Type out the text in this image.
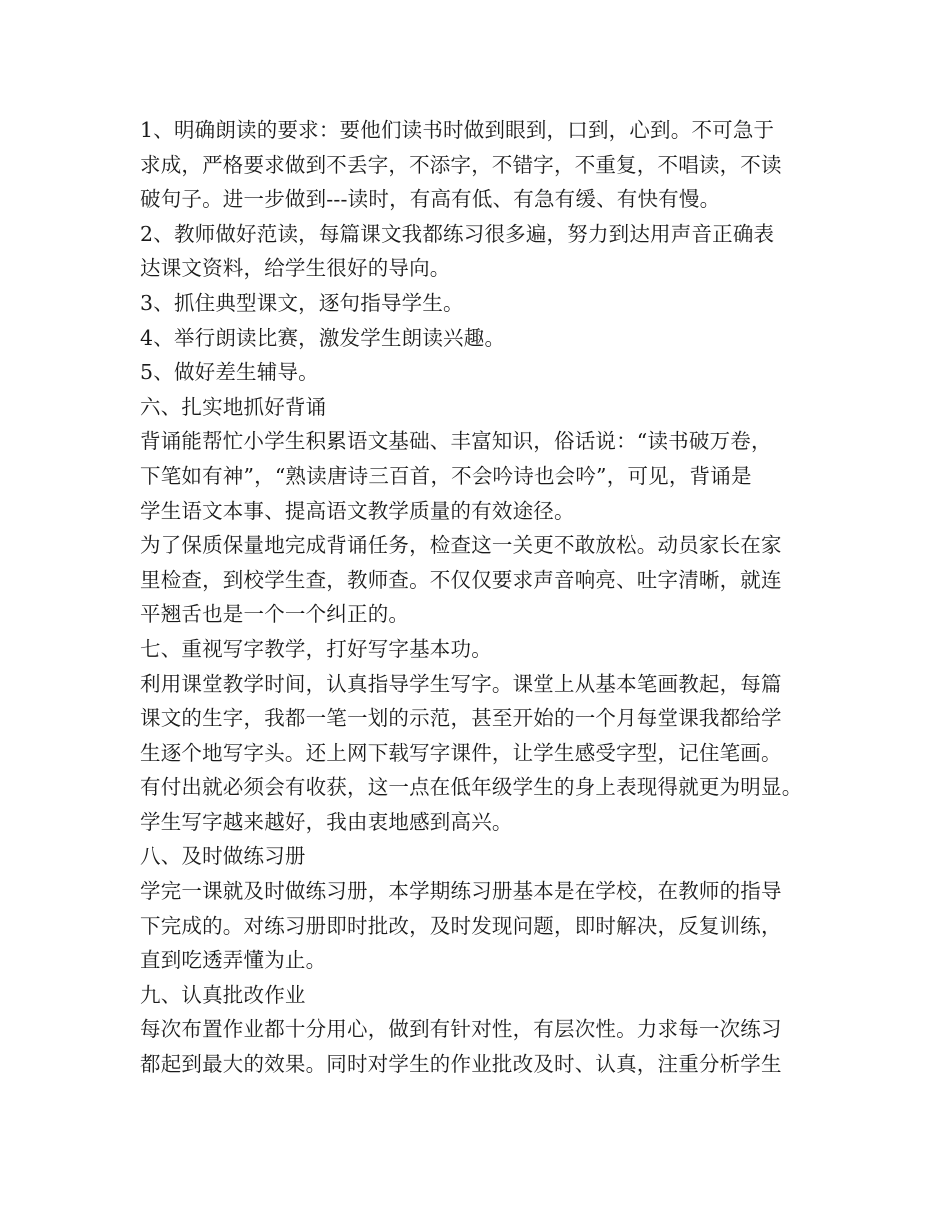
1、明确朗读的要求：要他们读书时做到眼到，口到，心到。不可急于
求成，严格要求做到不丢字，不添字，不错字，不重复，不唱读，不读
破句子。进一步做到---读时，有高有低、有急有缓、有快有慢。
2、教师做好范读，每篇课文我都练习很多遍，努力到达用声音正确表
达课文资料，给学生很好的导向。
3、抓住典型课文，逐句指导学生。
4、举行朗读比赛，激发学生朗读兴趣。
5、做好差生辅导。
六、扎实地抓好背诵
背诵能帮忙小学生积累语文基础、丰富知识，俗话说：“读书破万卷，
下笔如有神”，“熟读唐诗三百首，不会吟诗也会吟”，可见，背诵是
学生语文本事、提高语文教学质量的有效途径。
为了保质保量地完成背诵任务，检查这一关更不敢放松。动员家长在家
里检查，到校学生查，教师查。不仅仅要求声音响亮、吐字清晰，就连
平翘舌也是一个一个纠正的。
七、重视写字教学，打好写字基本功。
利用课堂教学时间，认真指导学生写字。课堂上从基本笔画教起，每篇
课文的生字，我都一笔一划的示范，甚至开始的一个月每堂课我都给学
生逐个地写字头。还上网下载写字课件，让学生感受字型，记住笔画。
有付出就必须会有收获，这一点在低年级学生的身上表现得就更为明显。
学生写字越来越好，我由衷地感到高兴。
八、及时做练习册
学完一课就及时做练习册，本学期练习册基本是在学校，在教师的指导
下完成的。对练习册即时批改，及时发现问题，即时解决，反复训练，
直到吃透弄懂为止。
九、认真批改作业
每次布置作业都十分用心，做到有针对性，有层次性。力求每一次练习
都起到最大的效果。同时对学生的作业批改及时、认真，注重分析学生
